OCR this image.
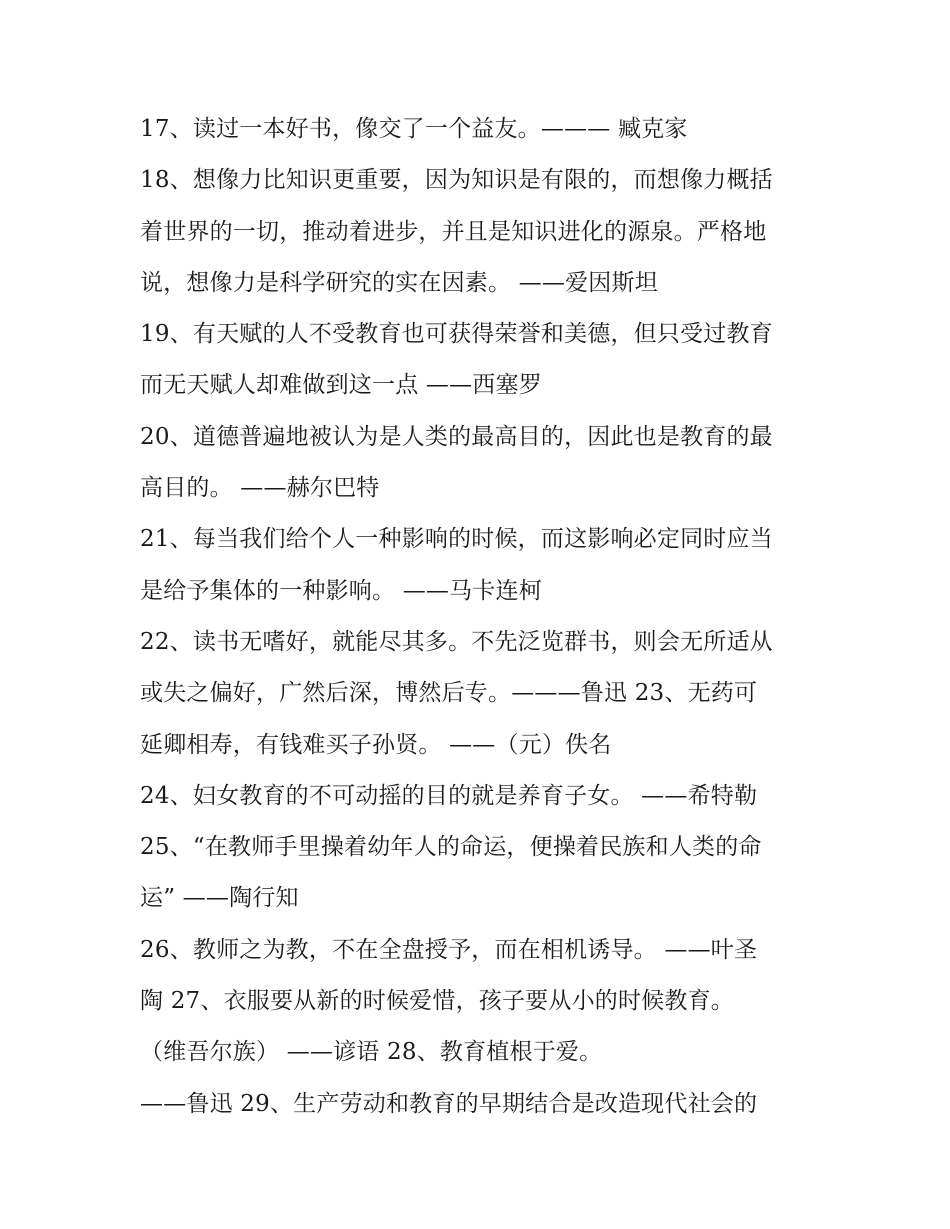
17、读过一本好书，像交了一个益友。——— 臧克家
18、想像力比知识更重要，因为知识是有限的，而想像力概括
着世界的一切，推动着进步，并且是知识进化的源泉。严格地
说，想像力是科学研究的实在因素。 ——爱因斯坦
19、有天赋的人不受教育也可获得荣誉和美德，但只受过教育
而无天赋人却难做到这一点 ——西塞罗
20、道德普遍地被认为是人类的最高目的，因此也是教育的最
高目的。 ——赫尔巴特
21、每当我们给个人一种影响的时候，而这影响必定同时应当
是给予集体的一种影响。 ——马卡连柯
22、读书无嗜好，就能尽其多。不先泛览群书，则会无所适从
或失之偏好，广然后深，博然后专。———鲁迅 23、无药可
延卿相寿，有钱难买子孙贤。 ——（元）佚名
24、妇女教育的不可动摇的目的就是养育子女。 ——希特勒
25、“在教师手里操着幼年人的命运，便操着民族和人类的命
运” ——陶行知
26、教师之为教，不在全盘授予，而在相机诱导。 ——叶圣
陶 27、衣服要从新的时候爱惜，孩子要从小的时候教育。
（维吾尔族） ——谚语 28、教育植根于爱。
——鲁迅 29、生产劳动和教育的早期结合是改造现代社会的
